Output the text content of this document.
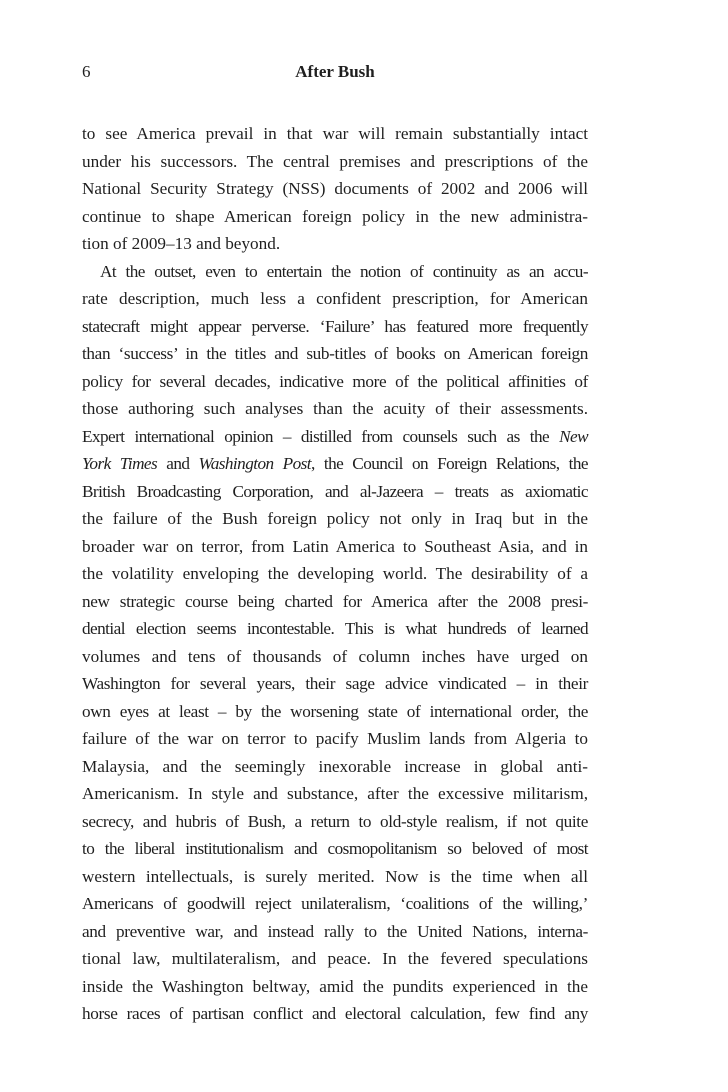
6	After Bush
to see America prevail in that war will remain substantially intact
under his successors. The central premises and prescriptions of the
National Security Strategy (NSS) documents of 2002 and 2006 will
continue to shape American foreign policy in the new administra-
tion of 2009–13 and beyond.
At the outset, even to entertain the notion of continuity as an accu-
rate description, much less a confident prescription, for American
statecraft might appear perverse. ‘Failure’ has featured more frequently
than ‘success’ in the titles and sub-titles of books on American foreign
policy for several decades, indicative more of the political affinities of
those authoring such analyses than the acuity of their assessments.
Expert international opinion – distilled from counsels such as the New
York Times and Washington Post, the Council on Foreign Relations, the
British Broadcasting Corporation, and al-Jazeera – treats as axiomatic
the failure of the Bush foreign policy not only in Iraq but in the
broader war on terror, from Latin America to Southeast Asia, and in
the volatility enveloping the developing world. The desirability of a
new strategic course being charted for America after the 2008 presi-
dential election seems incontestable. This is what hundreds of learned
volumes and tens of thousands of column inches have urged on
Washington for several years, their sage advice vindicated – in their
own eyes at least – by the worsening state of international order, the
failure of the war on terror to pacify Muslim lands from Algeria to
Malaysia, and the seemingly inexorable increase in global anti-
Americanism. In style and substance, after the excessive militarism,
secrecy, and hubris of Bush, a return to old-style realism, if not quite
to the liberal institutionalism and cosmopolitanism so beloved of most
western intellectuals, is surely merited. Now is the time when all
Americans of goodwill reject unilateralism, ‘coalitions of the willing,’
and preventive war, and instead rally to the United Nations, interna-
tional law, multilateralism, and peace. In the fevered speculations
inside the Washington beltway, amid the pundits experienced in the
horse races of partisan conflict and electoral calculation, few find any
